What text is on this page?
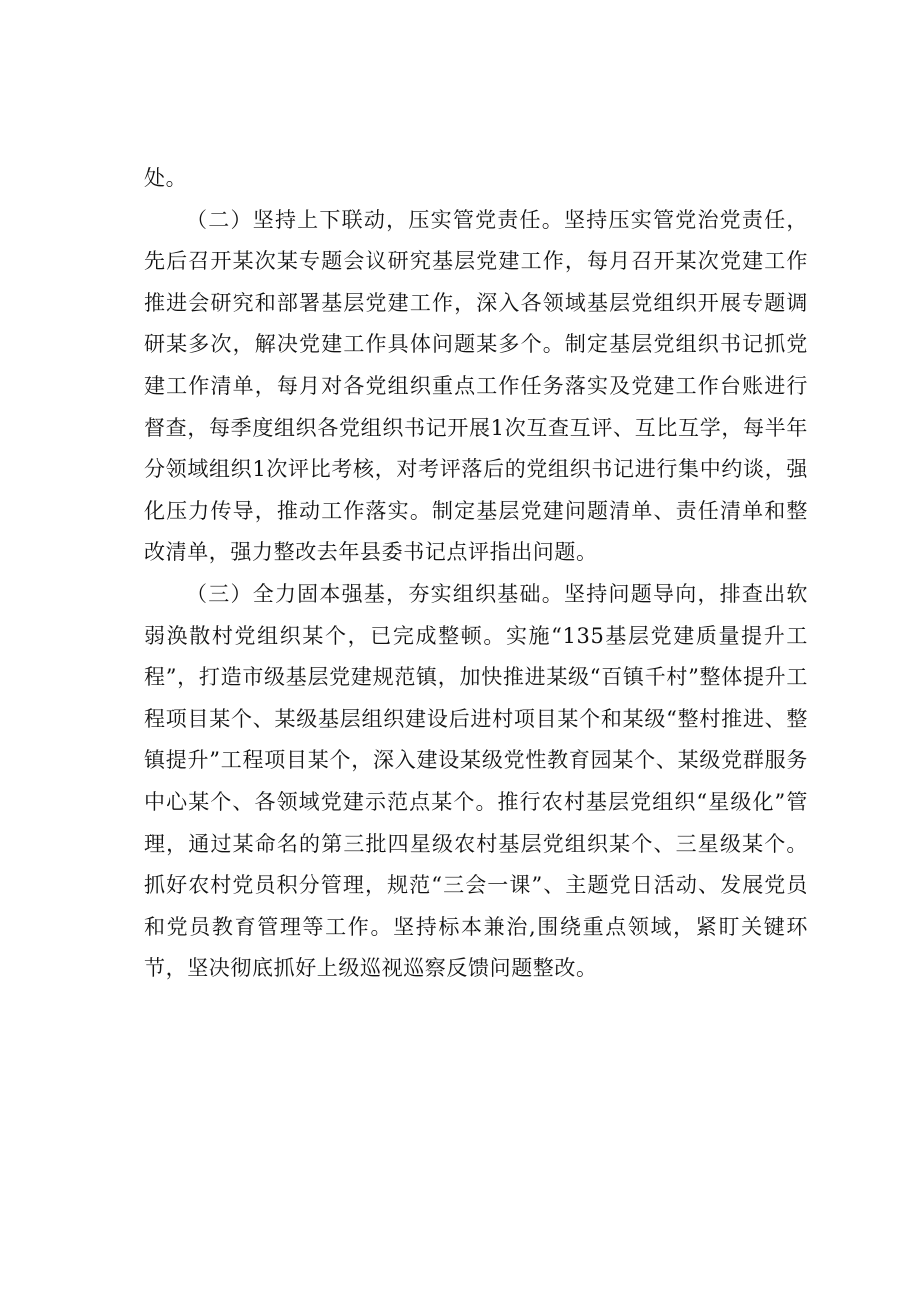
处。

（二）坚持上下联动，压实管党责任。坚持压实管党治党责任，先后召开某次某专题会议研究基层党建工作，每月召开某次党建工作推进会研究和部署基层党建工作，深入各领域基层党组织开展专题调研某多次，解决党建工作具体问题某多个。制定基层党组织书记抓党建工作清单，每月对各党组织重点工作任务落实及党建工作台账进行督查，每季度组织各党组织书记开展1次互查互评、互比互学，每半年分领域组织1次评比考核，对考评落后的党组织书记进行集中约谈，强化压力传导，推动工作落实。制定基层党建问题清单、责任清单和整改清单，强力整改去年县委书记点评指出问题。

（三）全力固本强基，夯实组织基础。坚持问题导向，排查出软弱涣散村党组织某个，已完成整顿。实施“135基层党建质量提升工程”，打造市级基层党建规范镇，加快推进某级“百镇千村”整体提升工程项目某个、某级基层组织建设后进村项目某个和某级“整村推进、整镇提升”工程项目某个，深入建设某级党性教育园某个、某级党群服务中心某个、各领域党建示范点某个。推行农村基层党组织“星级化”管理，通过某命名的第三批四星级农村基层党组织某个、三星级某个。抓好农村党员积分管理，规范“三会一课”、主题党日活动、发展党员和党员教育管理等工作。坚持标本兼治,围绕重点领域，紧盯关键环节，坚决彻底抓好上级巡视巡察反馈问题整改。
